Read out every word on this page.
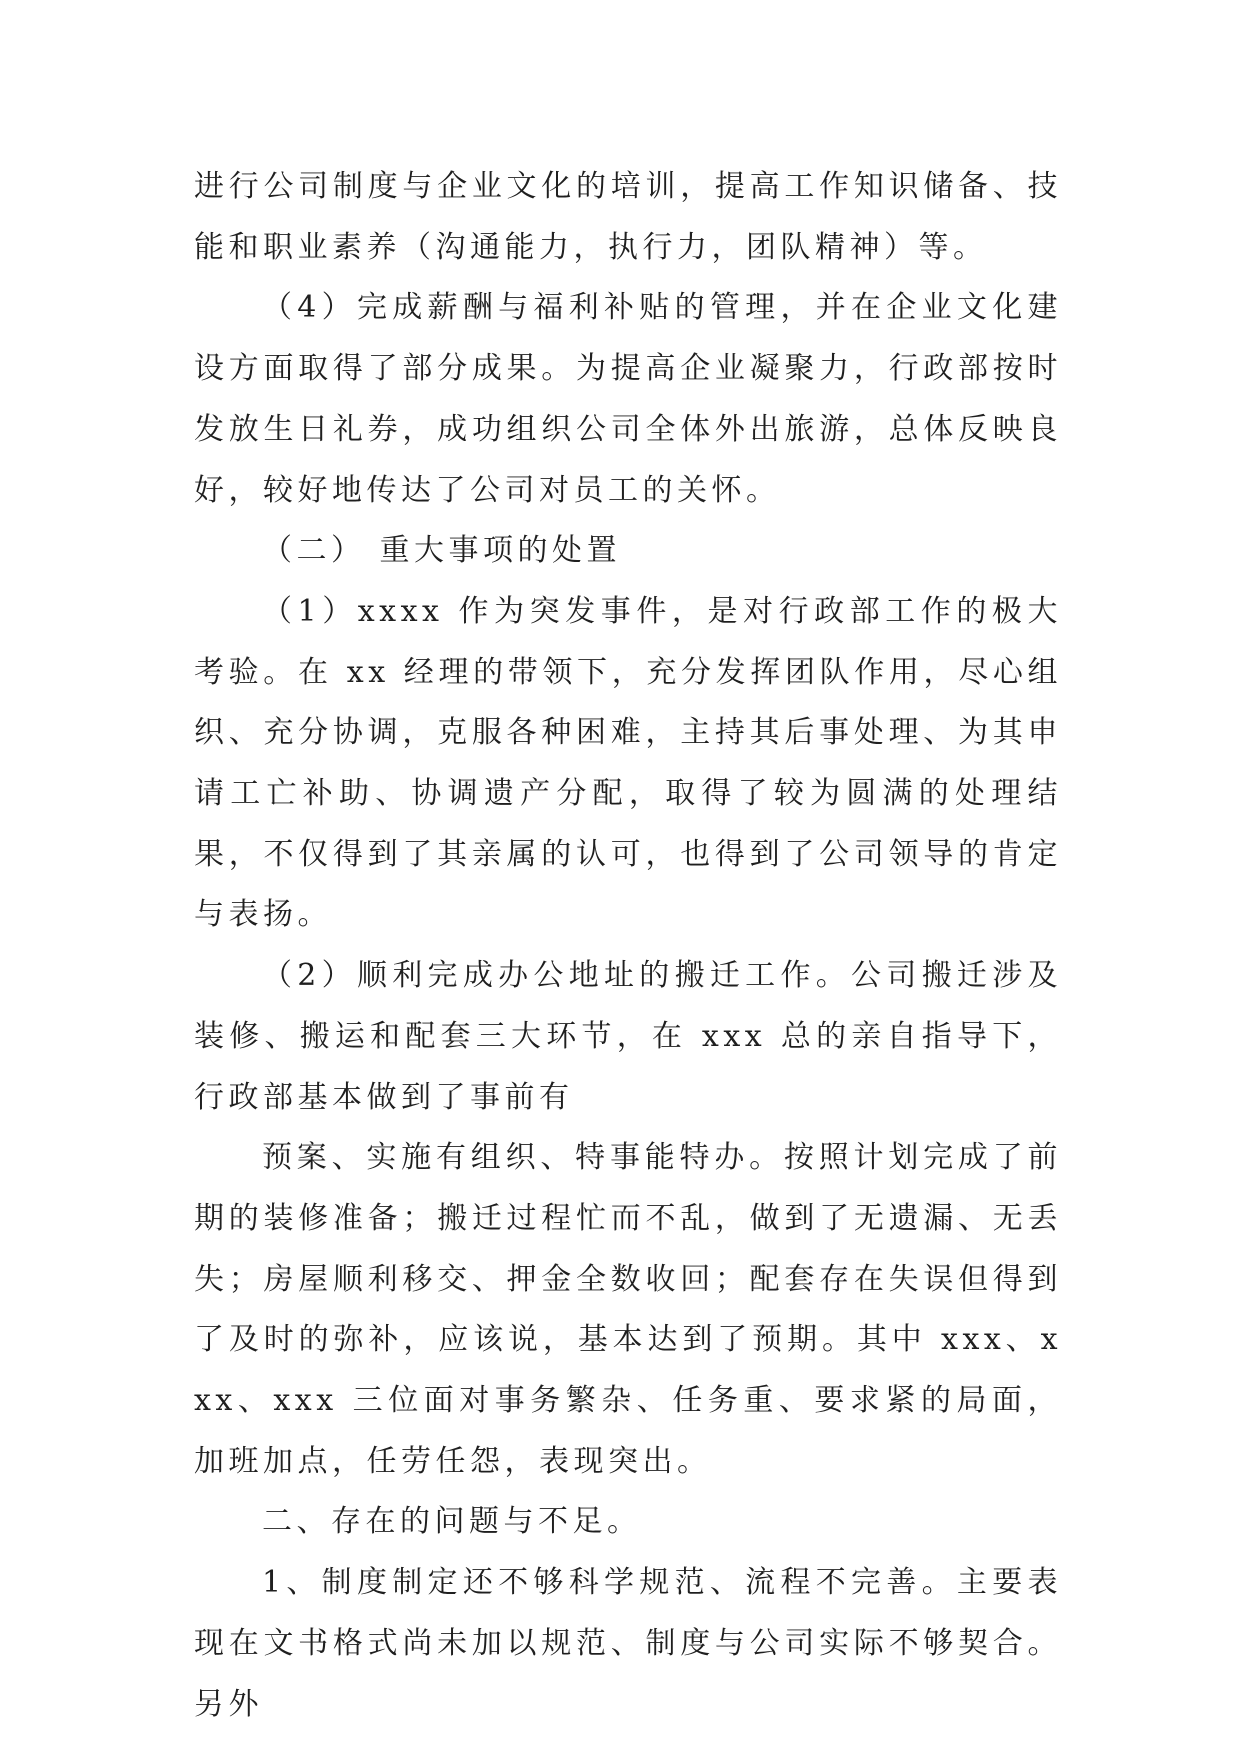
进行公司制度与企业文化的培训，提高工作知识储备、技能和职业素养（沟通能力，执行力，团队精神）等。

（4）完成薪酬与福利补贴的管理，并在企业文化建设方面取得了部分成果。为提高企业凝聚力，行政部按时发放生日礼券，成功组织公司全体外出旅游，总体反映良好，较好地传达了公司对员工的关怀。

（二） 重大事项的处置

（1）xxxx 作为突发事件，是对行政部工作的极大考验。在 xx 经理的带领下，充分发挥团队作用，尽心组织、充分协调，克服各种困难，主持其后事处理、为其申请工亡补助、协调遗产分配，取得了较为圆满的处理结果，不仅得到了其亲属的认可，也得到了公司领导的肯定与表扬。

（2）顺利完成办公地址的搬迁工作。公司搬迁涉及装修、搬运和配套三大环节，在 xxx 总的亲自指导下，行政部基本做到了事前有

预案、实施有组织、特事能特办。按照计划完成了前期的装修准备；搬迁过程忙而不乱，做到了无遗漏、无丢失；房屋顺利移交、押金全数收回；配套存在失误但得到了及时的弥补，应该说，基本达到了预期。其中 xxx、xxx、xxx 三位面对事务繁杂、任务重、要求紧的局面，加班加点，任劳任怨，表现突出。

二、存在的问题与不足。

1、制度制定还不够科学规范、流程不完善。主要表现在文书格式尚未加以规范、制度与公司实际不够契合。另外
